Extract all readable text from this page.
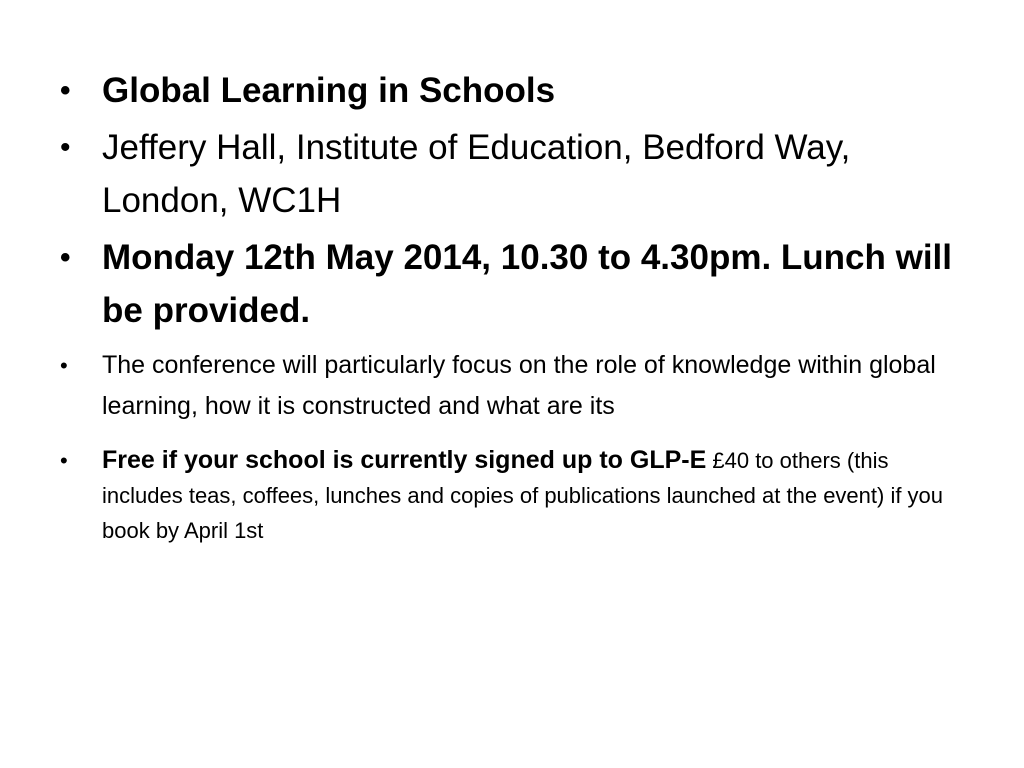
• Global Learning in Schools
• Jeffery Hall, Institute of Education, Bedford Way, London, WC1H
• Monday 12th May 2014, 10.30 to 4.30pm. Lunch will be provided.
• The conference will particularly focus on the role of knowledge within global learning, how it is constructed and what are its
• Free if your school is currently signed up to GLP-E £40 to others (this includes teas, coffees, lunches and copies of publications launched at the event) if you book by April 1st
